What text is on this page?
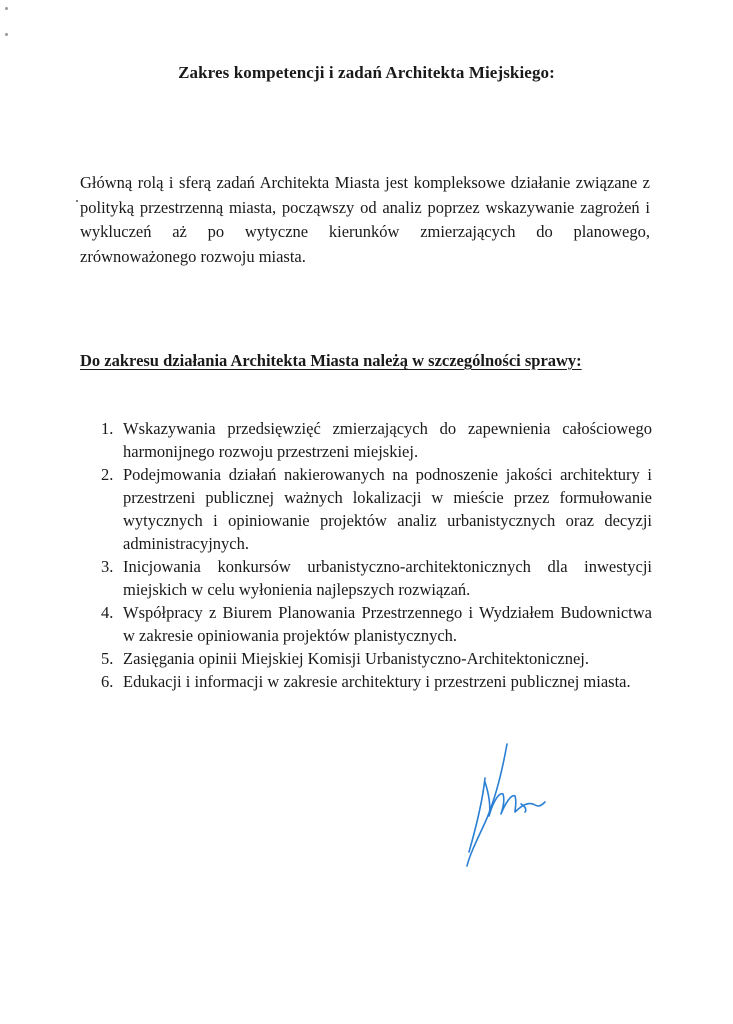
Zakres kompetencji i zadań Architekta Miejskiego:

Główną rolą i sferą zadań Architekta Miasta jest kompleksowe działanie związane z polityką przestrzenną miasta, począwszy od analiz poprzez wskazywanie zagrożeń i wykluczeń aż po wytyczne kierunków zmierzających do planowego, zrównoważonego rozwoju miasta.

Do zakresu działania Architekta Miasta należą w szczególności sprawy:
1. Wskazywania przedsięwzięć zmierzających do zapewnienia całościowego harmonijnego rozwoju przestrzeni miejskiej.
2. Podejmowania działań nakierowanych na podnoszenie jakości architektury i przestrzeni publicznej ważnych lokalizacji w mieście przez formułowanie wytycznych i opiniowanie projektów analiz urbanistycznych oraz decyzji administracyjnych.
3. Inicjowania konkursów urbanistyczno-architektonicznych dla inwestycji miejskich w celu wyłonienia najlepszych rozwiązań.
4. Współpracy z Biurem Planowania Przestrzennego i Wydziałem Budownictwa w zakresie opiniowania projektów planistycznych.
5. Zasięgania opinii Miejskiej Komisji Urbanistyczno-Architektonicznej.
6. Edukacji i informacji w zakresie architektury i przestrzeni publicznej miasta.
